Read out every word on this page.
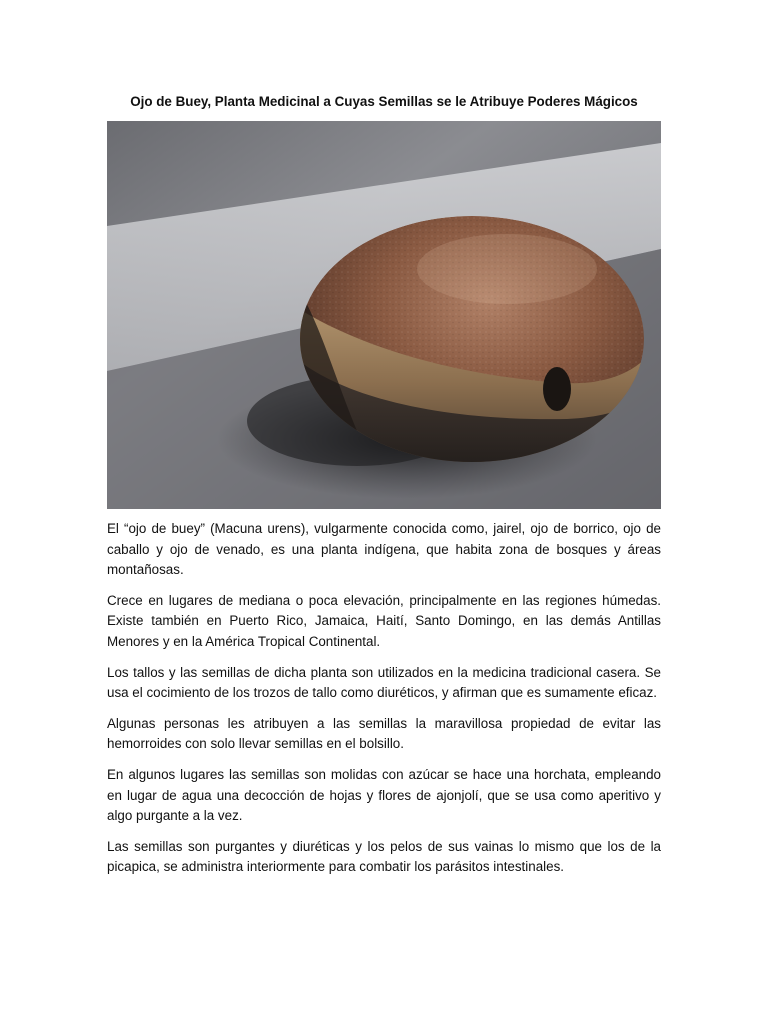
Ojo de Buey, Planta Medicinal a Cuyas Semillas se le Atribuye Poderes Mágicos

El “ojo de buey” (Macuna urens), vulgarmente conocida como, jairel, ojo de borrico, ojo de caballo y ojo de venado, es una planta indígena, que habita zona de bosques y áreas montañosas.

Crece en lugares de mediana o poca elevación, principalmente en las regiones húmedas. Existe también en Puerto Rico, Jamaica, Haití, Santo Domingo, en las demás Antillas Menores y en la América Tropical Continental.

Los tallos y las semillas de dicha planta son utilizados en la medicina tradicional casera. Se usa el cocimiento de los trozos de tallo como diuréticos, y afirman que es sumamente eficaz.

Algunas personas les atribuyen a las semillas la maravillosa propiedad de evitar las hemorroides con solo llevar semillas en el bolsillo.

En algunos lugares las semillas son molidas con azúcar se hace una horchata, empleando en lugar de agua una decocción de hojas y flores de ajonjolí, que se usa como aperitivo y algo purgante a la vez.

Las semillas son purgantes y diuréticas y los pelos de sus vainas lo mismo que los de la picapica, se administra interiormente para combatir los parásitos intestinales.
